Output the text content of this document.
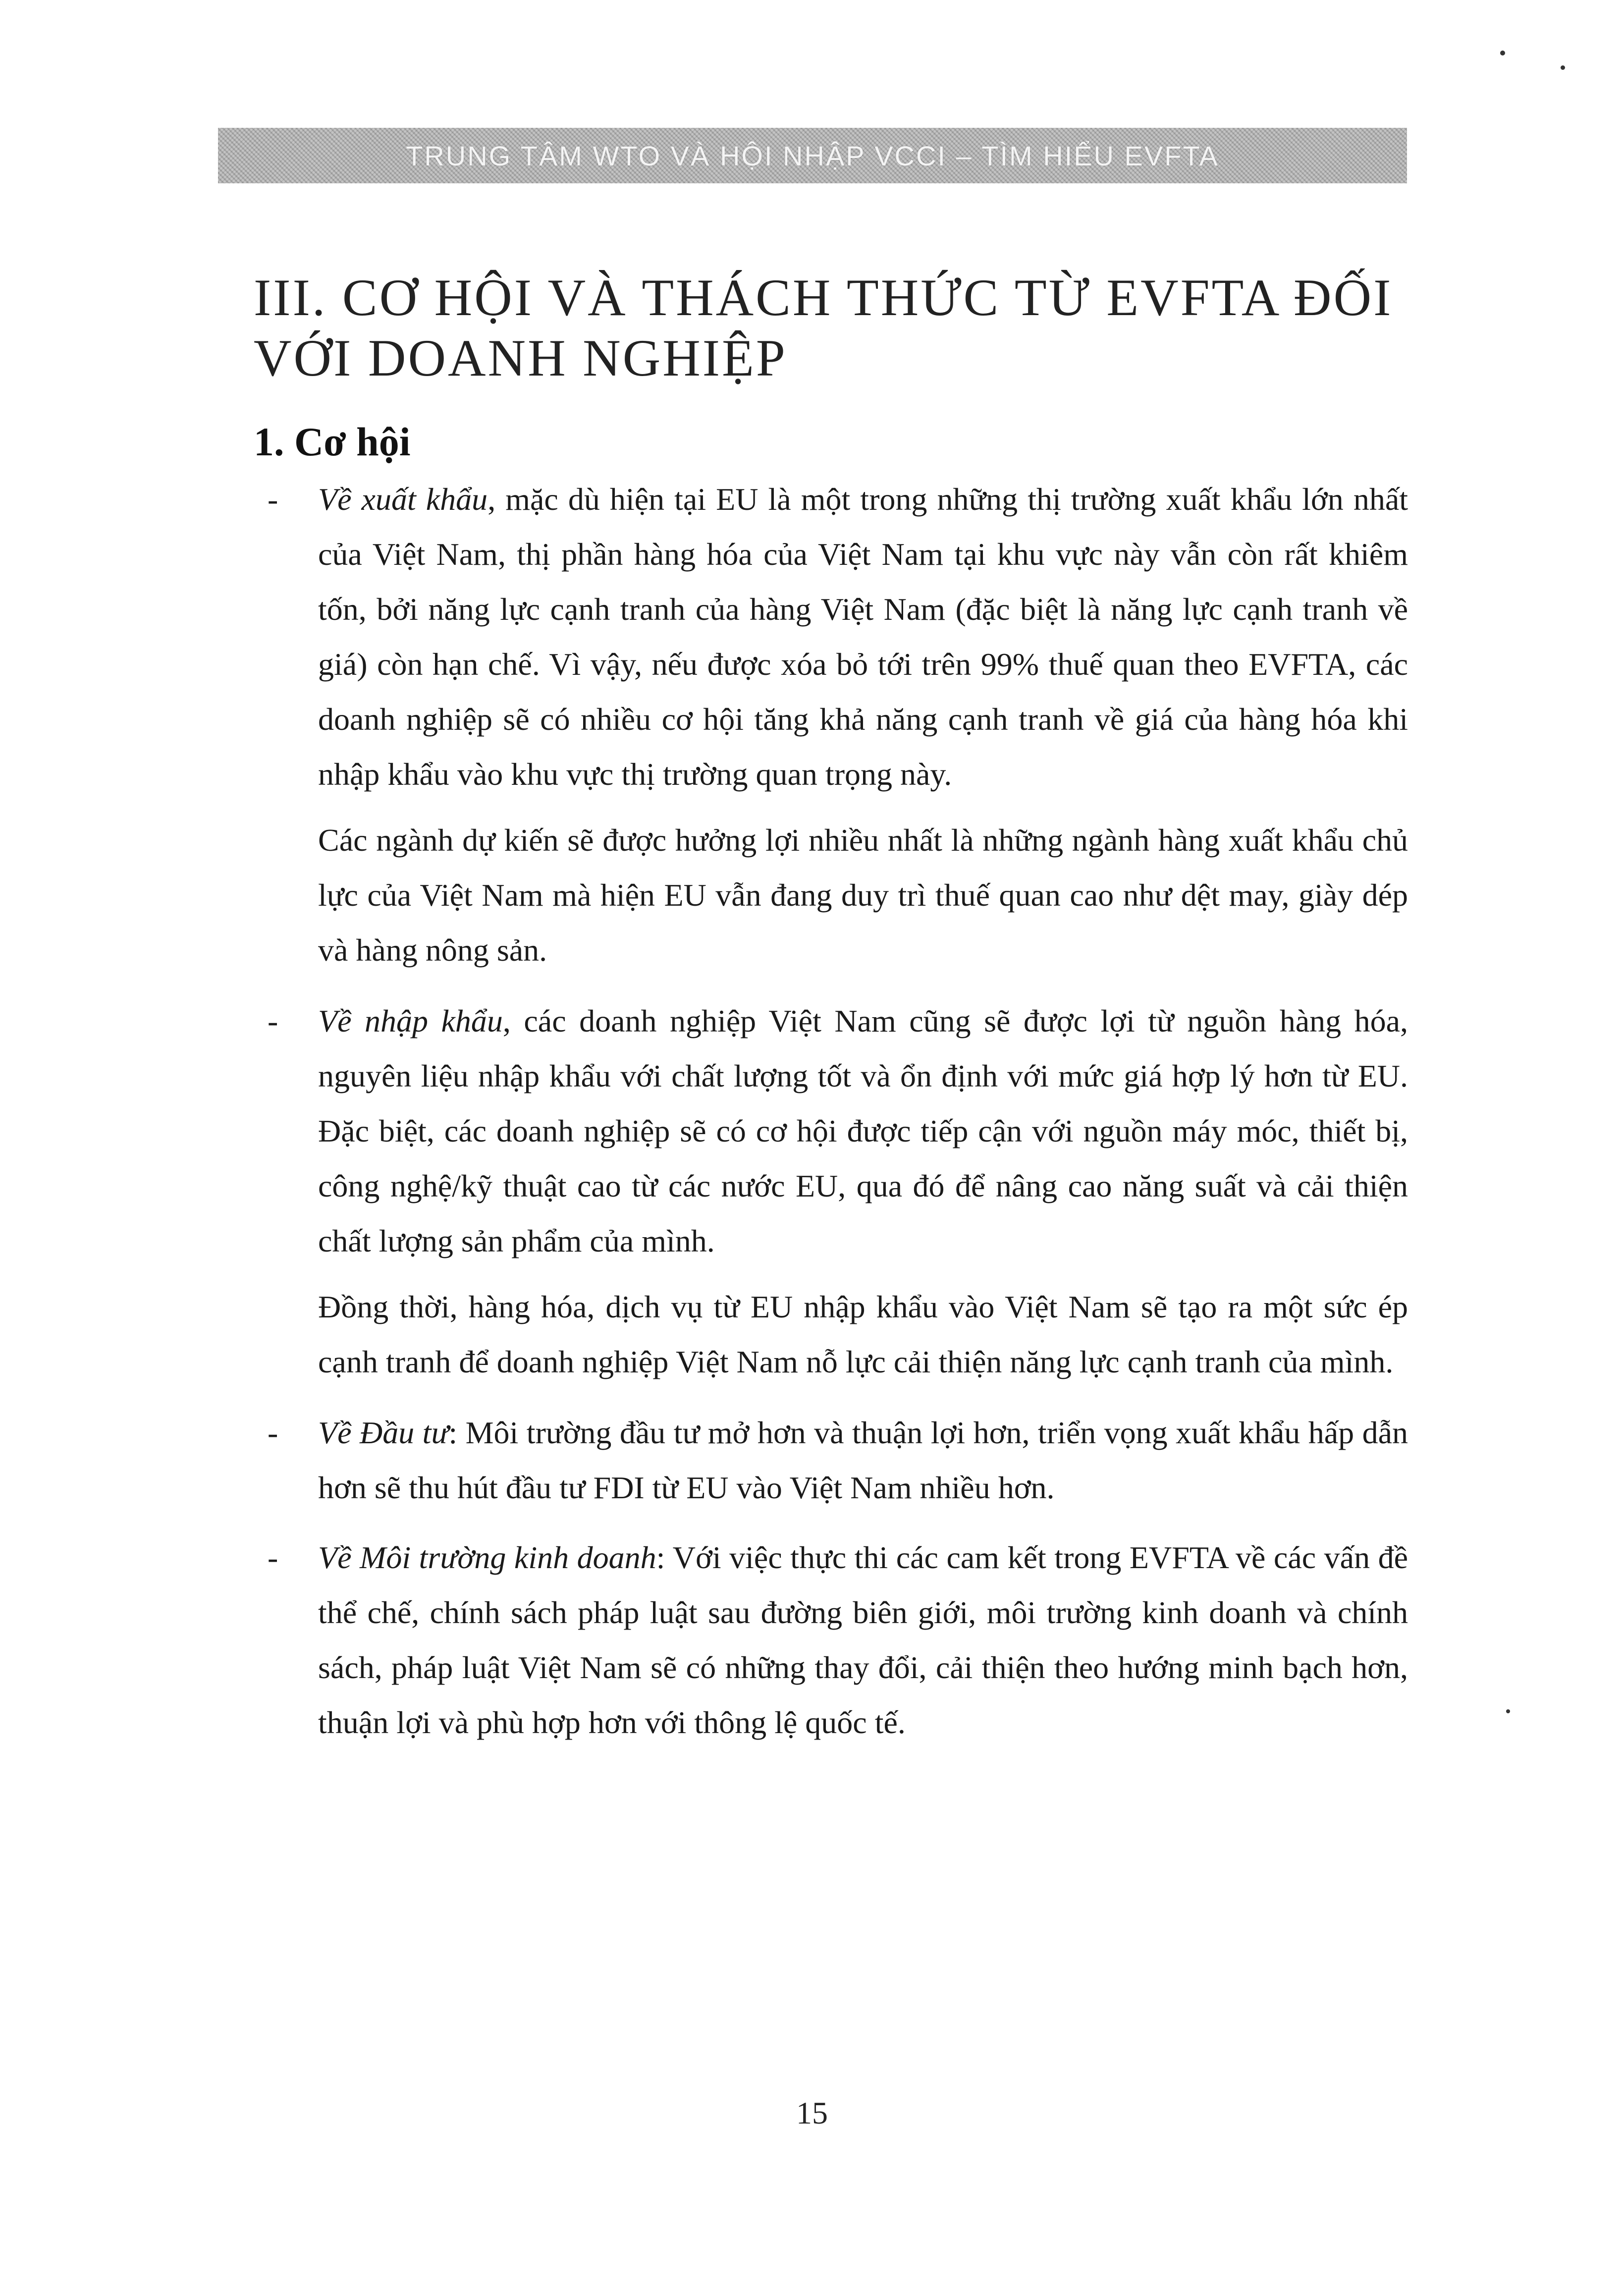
TRUNG TÂM WTO VÀ HỘI NHẬP VCCI – TÌM HIỂU EVFTA
III. CƠ HỘI VÀ THÁCH THỨC TỪ EVFTA ĐỐI VỚI DOANH NGHIỆP
1. Cơ hội

- Về xuất khẩu, mặc dù hiện tại EU là một trong những thị trường xuất khẩu lớn nhất của Việt Nam, thị phần hàng hóa của Việt Nam tại khu vực này vẫn còn rất khiêm tốn, bởi năng lực cạnh tranh của hàng Việt Nam (đặc biệt là năng lực cạnh tranh về giá) còn hạn chế. Vì vậy, nếu được xóa bỏ tới trên 99% thuế quan theo EVFTA, các doanh nghiệp sẽ có nhiều cơ hội tăng khả năng cạnh tranh về giá của hàng hóa khi nhập khẩu vào khu vực thị trường quan trọng này.

Các ngành dự kiến sẽ được hưởng lợi nhiều nhất là những ngành hàng xuất khẩu chủ lực của Việt Nam mà hiện EU vẫn đang duy trì thuế quan cao như dệt may, giày dép và hàng nông sản.

- Về nhập khẩu, các doanh nghiệp Việt Nam cũng sẽ được lợi từ nguồn hàng hóa, nguyên liệu nhập khẩu với chất lượng tốt và ổn định với mức giá hợp lý hơn từ EU. Đặc biệt, các doanh nghiệp sẽ có cơ hội được tiếp cận với nguồn máy móc, thiết bị, công nghệ/kỹ thuật cao từ các nước EU, qua đó để nâng cao năng suất và cải thiện chất lượng sản phẩm của mình.

Đồng thời, hàng hóa, dịch vụ từ EU nhập khẩu vào Việt Nam sẽ tạo ra một sức ép cạnh tranh để doanh nghiệp Việt Nam nỗ lực cải thiện năng lực cạnh tranh của mình.

- Về Đầu tư: Môi trường đầu tư mở hơn và thuận lợi hơn, triển vọng xuất khẩu hấp dẫn hơn sẽ thu hút đầu tư FDI từ EU vào Việt Nam nhiều hơn.

- Về Môi trường kinh doanh: Với việc thực thi các cam kết trong EVFTA về các vấn đề thể chế, chính sách pháp luật sau đường biên giới, môi trường kinh doanh và chính sách, pháp luật Việt Nam sẽ có những thay đổi, cải thiện theo hướng minh bạch hơn, thuận lợi và phù hợp hơn với thông lệ quốc tế.

15
